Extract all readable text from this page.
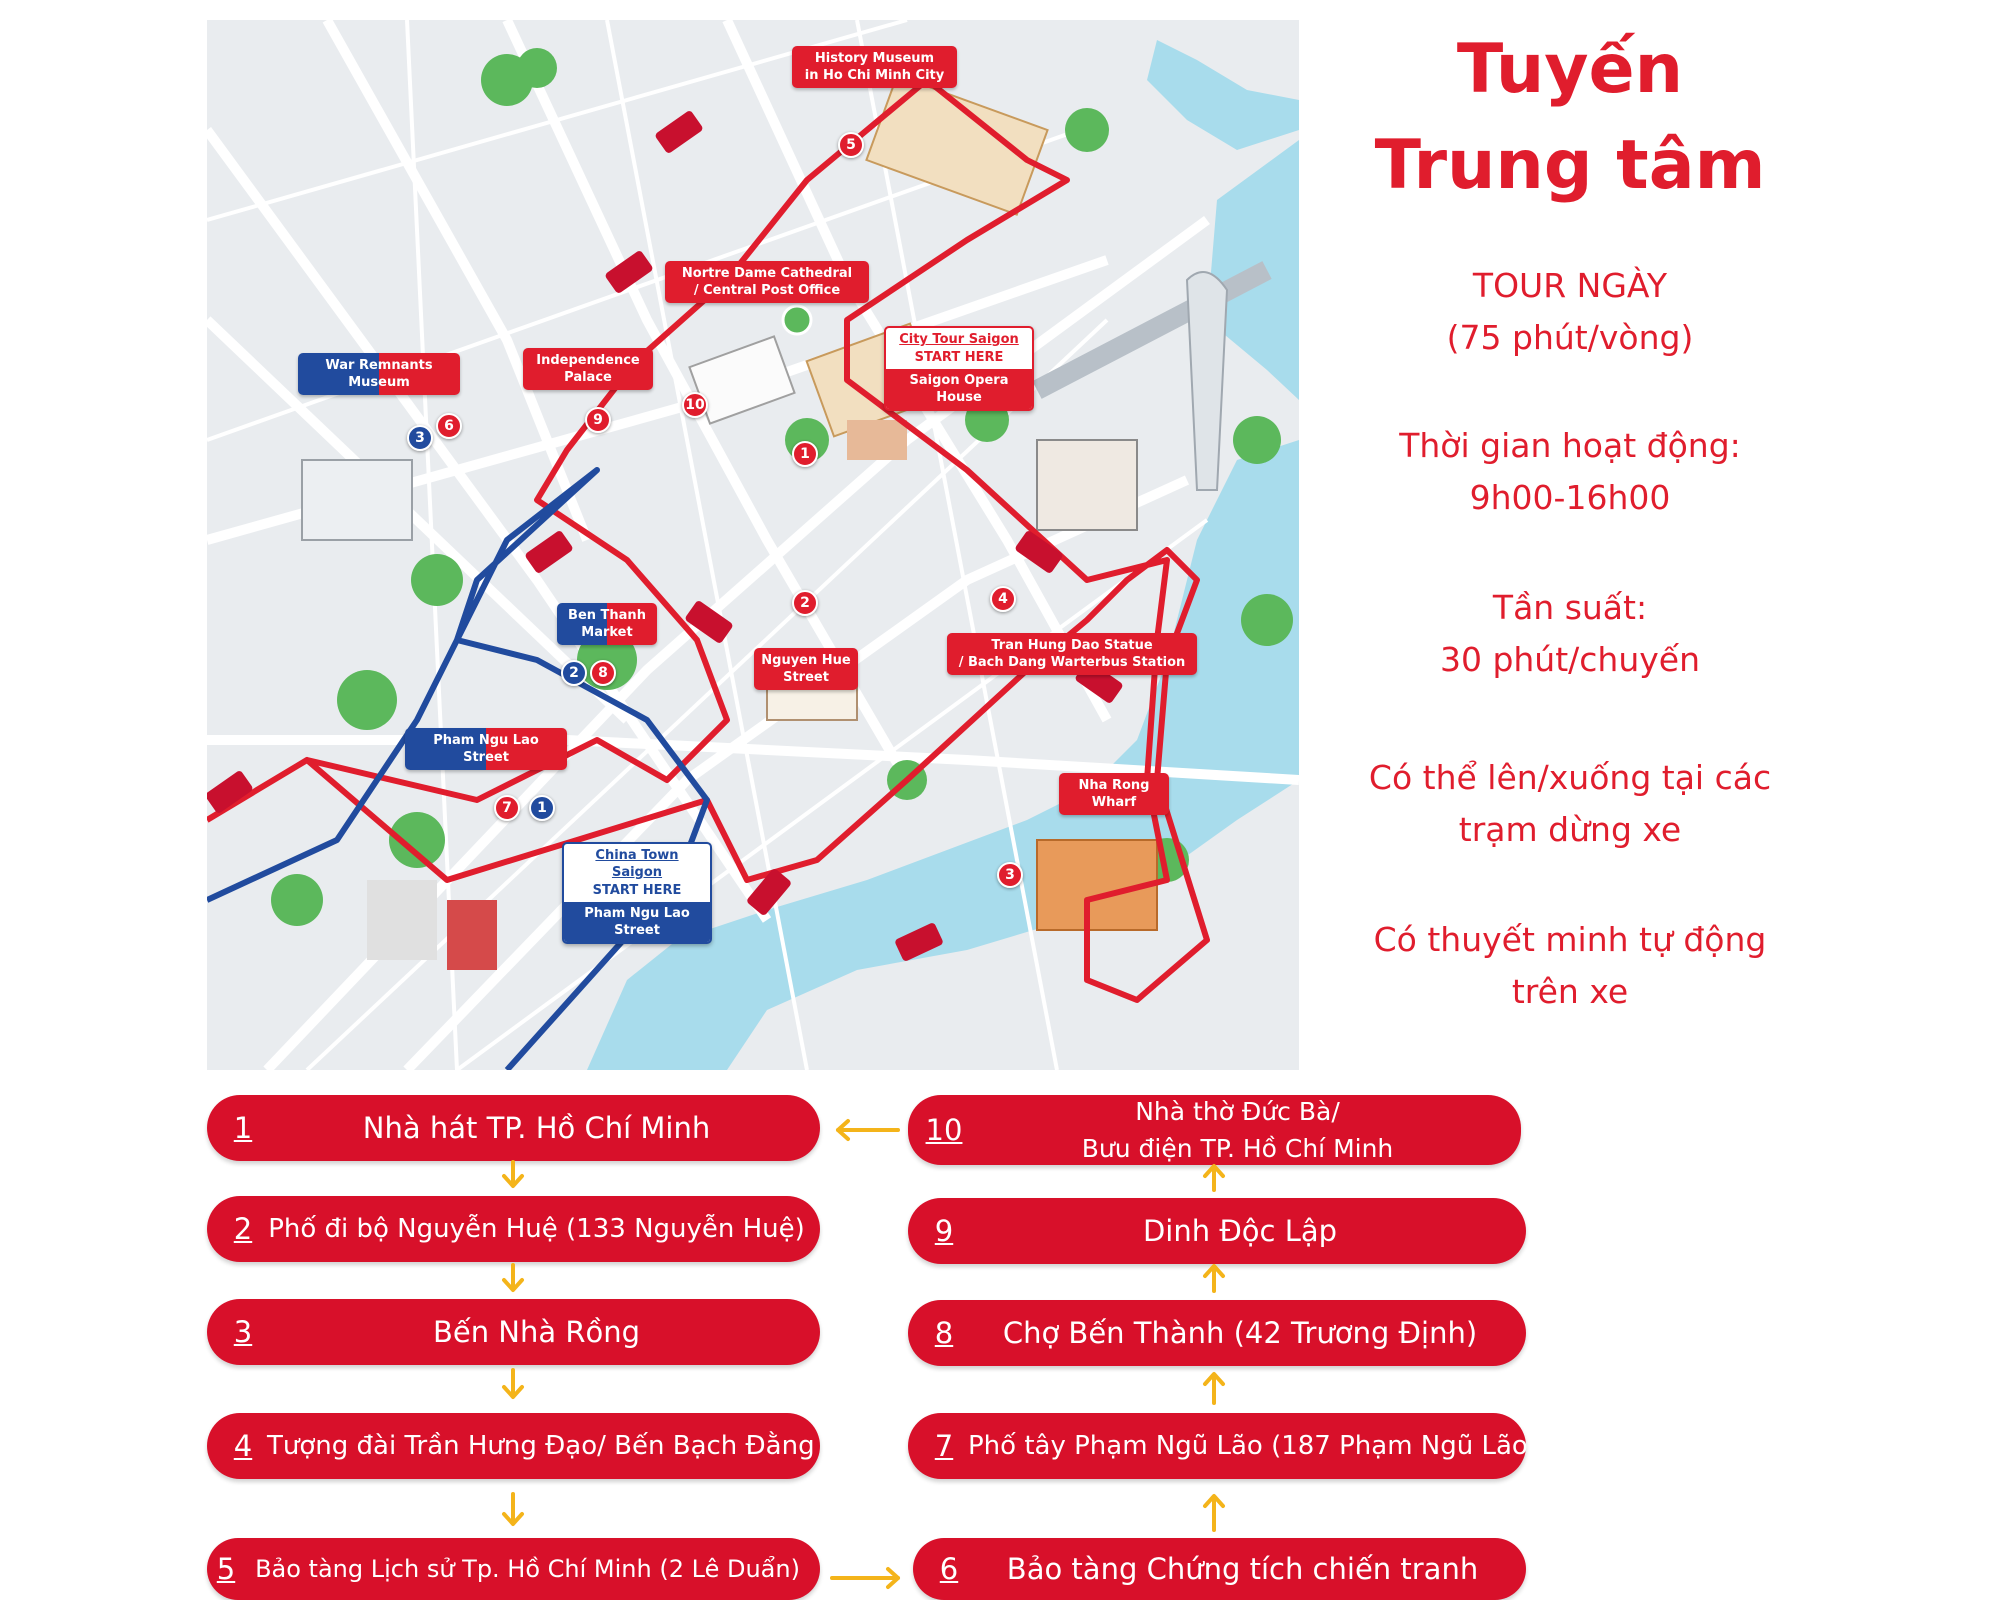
History Museum
in Ho Chi Minh City
Nortre Dame Cathedral
/ Central Post Office
War Remnants
Museum
Independence
Palace
Ben Thanh
Market
Nguyen Hue
Street
Tran Hung Dao Statue
/ Bach Dang Warterbus Station
Pham Ngu Lao
Street
Nha Rong
Wharf
City Tour Saigon
START HERE
Saigon Opera
House
China Town Saigon
START HERE
Pham Ngu Lao
Street
1
2
3
4
5
6
7
8
9
10
1
2
3
Tuyến
Trung tâm
TOUR NGÀY
(75 phút/vòng)
Thời gian hoạt động:
9h00-16h00
Tần suất:
30 phút/chuyến
Có thể lên/xuống tại các
trạm dừng xe
Có thuyết minh tự động
trên xe
1	Nhà hát TP. Hồ Chí Minh
2 Phố đi bộ Nguyễn Huệ (133 Nguyễn Huệ)
3	Bến Nhà Rồng
4 Tượng đài Trần Hưng Đạo/ Bến Bạch Đằng
5 Bảo tàng Lịch sử Tp. Hồ Chí Minh (2 Lê Duẩn)
10
Nhà thờ Đức Bà/
Bưu điện TP. Hồ Chí Minh
9	Dinh Độc Lập
8	Chợ Bến Thành (42 Trương Định)
7 Phố tây Phạm Ngũ Lão (187 Phạm Ngũ Lão)
6	Bảo tàng Chứng tích chiến tranh
